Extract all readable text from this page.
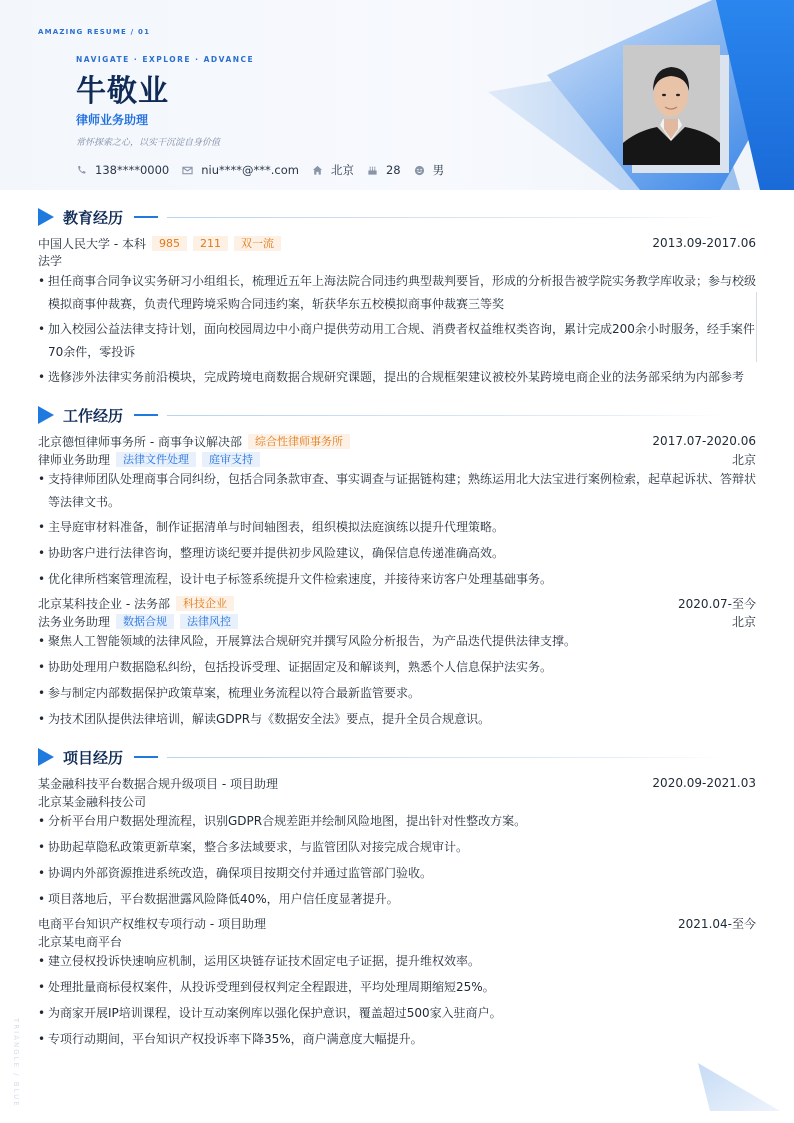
AMAZING RESUME / 01
NAVIGATE · EXPLORE · ADVANCE
牛敬业
律师业务助理
常怀探索之心，以实干沉淀自身价值
138****0000	niu****@***.com	北京	28	男
教育经历
中国人民大学 - 本科	985	211	双一流	2013.09-2017.06
法学
• 担任商事合同争议实务研习小组组长，梳理近五年上海法院合同违约典型裁判要旨，形成的分析报告被学院实务教学库收录；参与校级模拟商事仲裁赛，负责代理跨境采购合同违约案，斩获华东五校模拟商事仲裁赛三等奖
• 加入校园公益法律支持计划，面向校园周边中小商户提供劳动用工合规、消费者权益维权类咨询，累计完成200余小时服务，经手案件70余件，零投诉
• 选修涉外法律实务前沿模块，完成跨境电商数据合规研究课题，提出的合规框架建议被校外某跨境电商企业的法务部采纳为内部参考
工作经历
北京德恒律师事务所 - 商事争议解决部	综合性律师事务所	2017.07-2020.06
律师业务助理	法律文件处理	庭审支持	北京
• 支持律师团队处理商事合同纠纷，包括合同条款审查、事实调查与证据链构建；熟练运用北大法宝进行案例检索，起草起诉状、答辩状等法律文书。
• 主导庭审材料准备，制作证据清单与时间轴图表，组织模拟法庭演练以提升代理策略。
• 协助客户进行法律咨询，整理访谈纪要并提供初步风险建议，确保信息传递准确高效。
• 优化律所档案管理流程，设计电子标签系统提升文件检索速度，并接待来访客户处理基础事务。
北京某科技企业 - 法务部	科技企业	2020.07-至今
法务业务助理	数据合规	法律风控	北京
• 聚焦人工智能领域的法律风险，开展算法合规研究并撰写风险分析报告，为产品迭代提供法律支撑。
• 协助处理用户数据隐私纠纷，包括投诉受理、证据固定及和解谈判，熟悉个人信息保护法实务。
• 参与制定内部数据保护政策草案，梳理业务流程以符合最新监管要求。
• 为技术团队提供法律培训，解读GDPR与《数据安全法》要点，提升全员合规意识。
项目经历
某金融科技平台数据合规升级项目 - 项目助理	2020.09-2021.03
北京某金融科技公司
• 分析平台用户数据处理流程，识别GDPR合规差距并绘制风险地图，提出针对性整改方案。
• 协助起草隐私政策更新草案，整合多法域要求，与监管团队对接完成合规审计。
• 协调内外部资源推进系统改造，确保项目按期交付并通过监管部门验收。
• 项目落地后，平台数据泄露风险降低40%，用户信任度显著提升。
电商平台知识产权维权专项行动 - 项目助理	2021.04-至今
北京某电商平台
• 建立侵权投诉快速响应机制，运用区块链存证技术固定电子证据，提升维权效率。
• 处理批量商标侵权案件，从投诉受理到侵权判定全程跟进，平均处理周期缩短25%。
• 为商家开展IP培训课程，设计互动案例库以强化保护意识，覆盖超过500家入驻商户。
• 专项行动期间，平台知识产权投诉率下降35%，商户满意度大幅提升。
TRIANGLE / BLUE
